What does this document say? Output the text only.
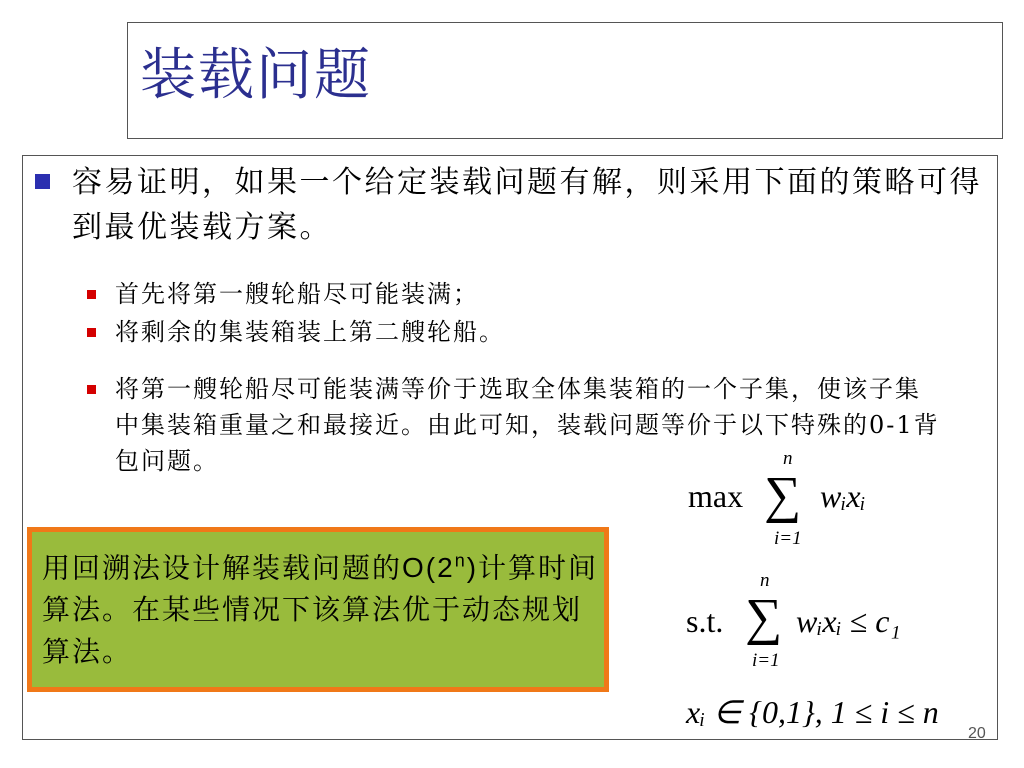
装载问题
容易证明，如果一个给定装载问题有解，则采用下面的策略可得到最优装载方案。
首先将第一艘轮船尽可能装满；
将剩余的集装箱装上第二艘轮船。
将第一艘轮船尽可能装满等价于选取全体集装箱的一个子集，使该子集中集装箱重量之和最接近。由此可知，装载问题等价于以下特殊的0-1背包问题。
max
n
∑
i=1
wᵢxᵢ
s.t.
n
∑
i=1
wᵢxᵢ ≤ c₁
xᵢ ∈ {0,1}, 1 ≤ i ≤ n
用回溯法设计解装载问题的O(2$^n$)计算时间算法。在某些情况下该算法优于动态规划算法。
20
